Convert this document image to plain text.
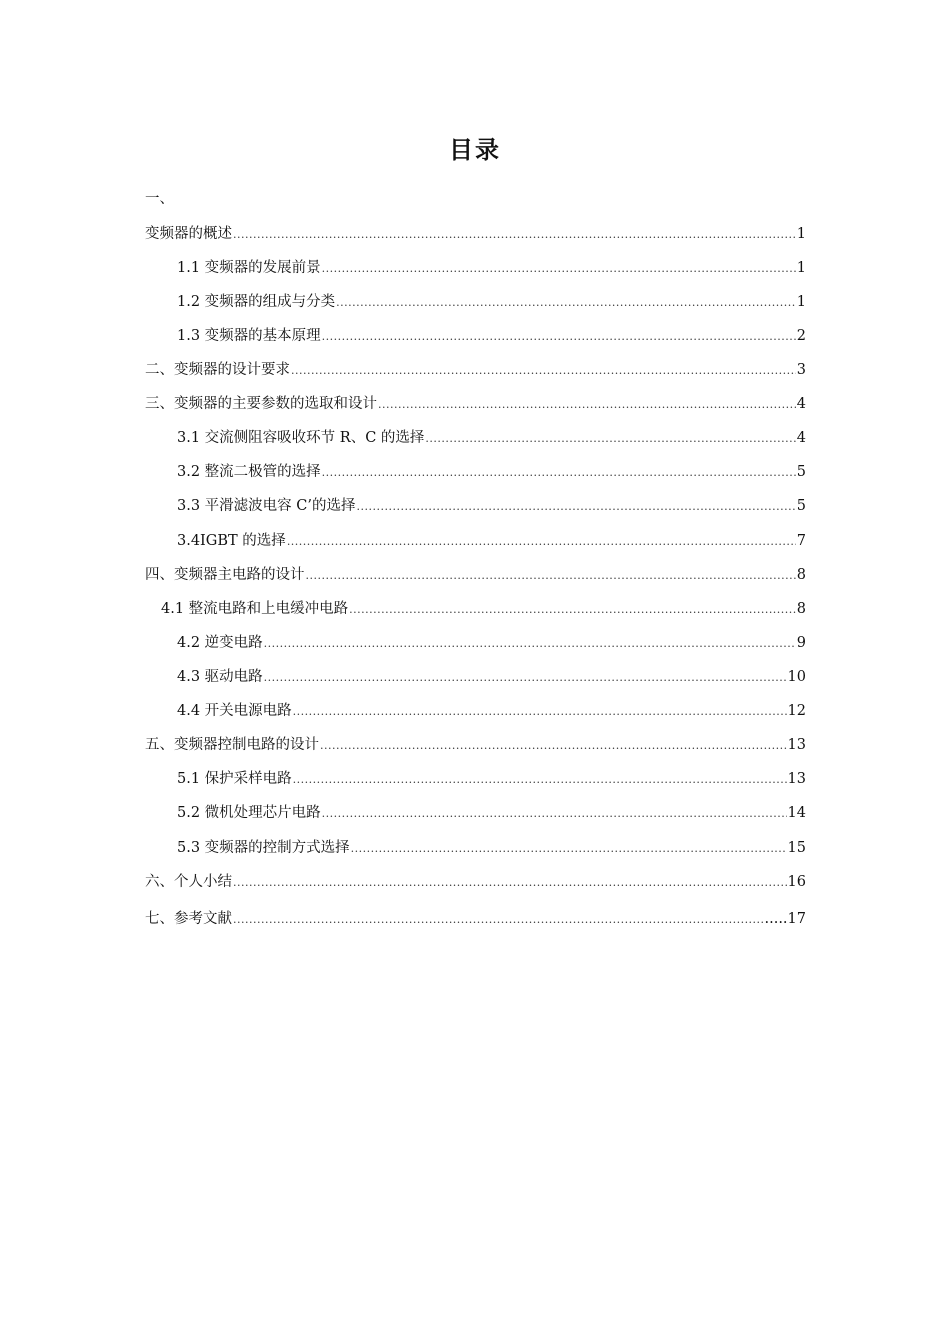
目录
一、
变频器的概述 .....	1
1.1 变频器的发展前景 .....	1
1.2 变频器的组成与分类 .....	1
1.3 变频器的基本原理 .....	2
二、变频器的设计要求 .....	3
三、变频器的主要参数的选取和设计 .....	4
3.1 交流侧阻容吸收环节 R、C 的选择 .....	4
3.2 整流二极管的选择 .....	5
3.3 平滑滤波电容 C’的选择 .....	5
3.4IGBT 的选择 .....	7
四、变频器主电路的设计 .....	8
4.1 整流电路和上电缓冲电路 .....	8
4.2 逆变电路 .....	9
4.3 驱动电路 .....	10
4.4 开关电源电路 .....	12
五、变频器控制电路的设计 .....	13
5.1 保护采样电路 .....	13
5.2 微机处理芯片电路 .....	14
5.3 变频器的控制方式选择 .....	15
六、个人小结 .....	16
七、参考文献 .....	.....17
